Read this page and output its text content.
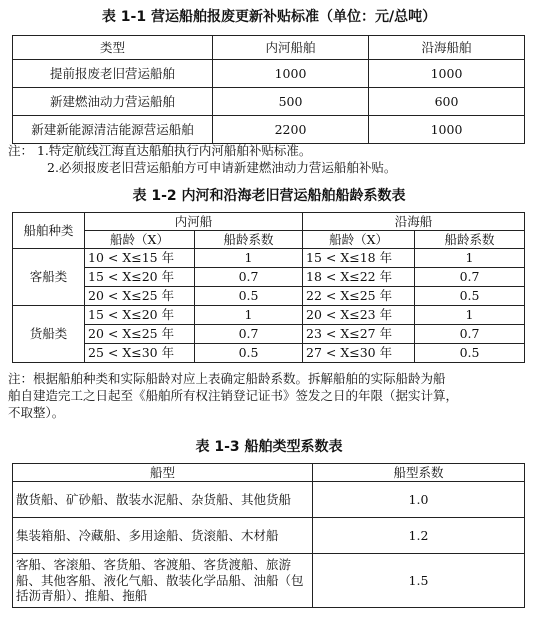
表 1-1 营运船舶报废更新补贴标准（单位：元/总吨）
类型	内河船舶	沿海船舶
提前报废老旧营运船舶	1000	1000
新建燃油动力营运船舶	500	600
新建新能源清洁能源营运船舶	2200	1000
注： 1.特定航线江海直达船舶执行内河船舶补贴标准。
2.必须报废老旧营运船舶方可申请新建燃油动力营运船舶补贴。
表 1-2 内河和沿海老旧营运船舶船龄系数表
船舶种类	内河船		沿海船	
	船龄（X）	船龄系数	船龄（X）	船龄系数
客船类	10 < X≤15 年	1	15 < X≤18 年	1
	15 < X≤20 年	0.7	18 < X≤22 年	0.7
	20 < X≤25 年	0.5	22 < X≤25 年	0.5
货船类	15 < X≤20 年	1	20 < X≤23 年	1
	20 < X≤25 年	0.7	23 < X≤27 年	0.7
	25 < X≤30 年	0.5	27 < X≤30 年	0.5
注：根据船舶种类和实际船龄对应上表确定船龄系数。拆解船舶的实际船龄为船
舶自建造完工之日起至《船舶所有权注销登记证书》签发之日的年限（据实计算，
不取整）。
表 1-3 船舶类型系数表
船型	船型系数
散货船、矿砂船、散装水泥船、杂货船、其他货船	1.0
集装箱船、冷藏船、多用途船、货滚船、木材船	1.2
客船、客滚船、客货船、客渡船、客货渡船、旅游船、其他客船、液化气船、散装化学品船、油船（包括沥青船）、推船、拖船	1.5
